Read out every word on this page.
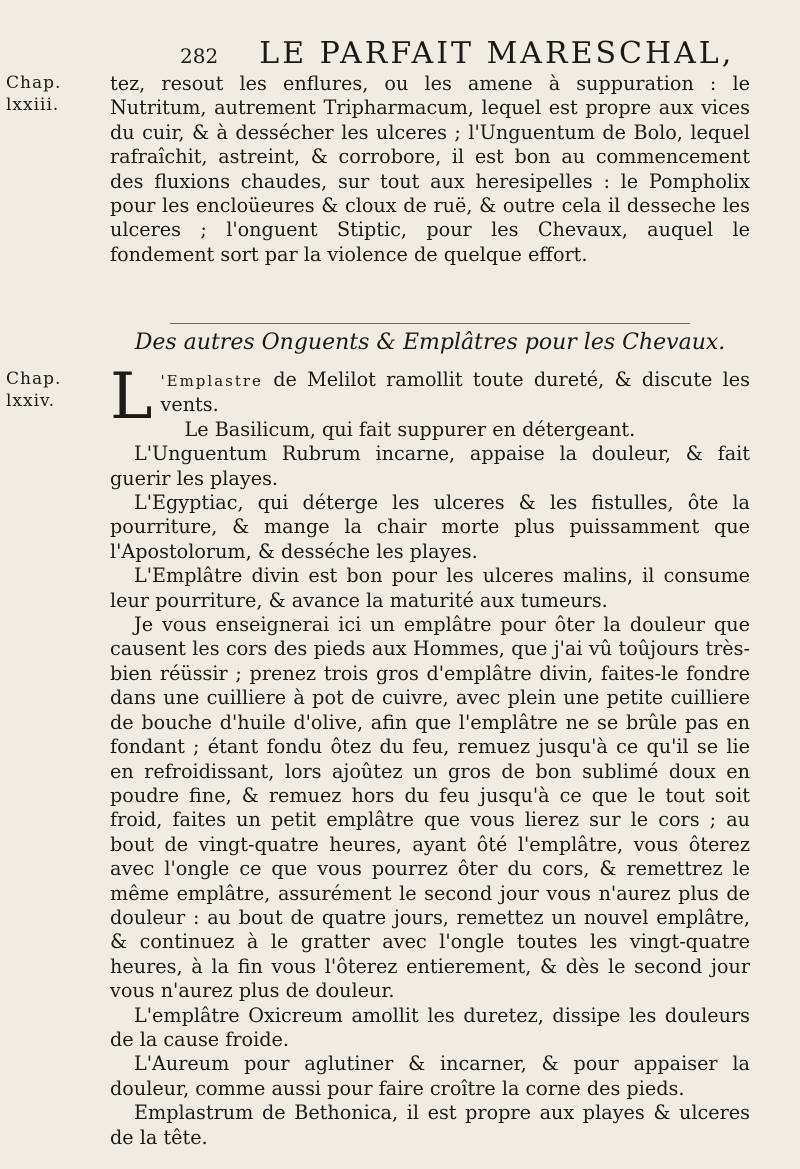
282 LE PARFAIT MARESCHAL,
Chap.
lxxiii.

tez, resout les enflures, ou les amene à suppuration : le Nutritum, autrement Tripharmacum, lequel est propre aux vices du cuir, & à dessécher les ulceres ; l'Unguentum de Bolo, lequel rafraîchit, astreint, & corrobore, il est bon au commencement des fluxions chaudes, sur tout aux heresipelles : le Pompholix pour les encloüeures & cloux de ruë, & outre cela il desseche les ulceres ; l'onguent Stiptic, pour les Chevaux, auquel le fondement sort par la violence de quelque effort.

Des autres Onguents & Emplâtres pour les Chevaux.
Chap.
lxxiv. L 'Emplastre de Melilot ramollit toute dureté, & discute les vents.

Le Basilicum, qui fait suppurer en détergeant.

L'Unguentum Rubrum incarne, appaise la douleur, & fait guerir les playes.

L'Egyptiac, qui déterge les ulceres & les fistulles, ôte la pourriture, & mange la chair morte plus puissamment que l'Apostolorum, & desséche les playes.

L'Emplâtre divin est bon pour les ulceres malins, il consume leur pourriture, & avance la maturité aux tumeurs.

Je vous enseignerai ici un emplâtre pour ôter la douleur que causent les cors des pieds aux Hommes, que j'ai vû toûjours très-bien réüssir ; prenez trois gros d'emplâtre divin, faites-le fondre dans une cuilliere à pot de cuivre, avec plein une petite cuilliere de bouche d'huile d'olive, afin que l'emplâtre ne se brûle pas en fondant ; étant fondu ôtez du feu, remuez jusqu'à ce qu'il se lie en refroidissant, lors ajoûtez un gros de bon sublimé doux en poudre fine, & remuez hors du feu jusqu'à ce que le tout soit froid, faites un petit emplâtre que vous lierez sur le cors ; au bout de vingt-quatre heures, ayant ôté l'emplâtre, vous ôterez avec l'ongle ce que vous pourrez ôter du cors, & remettrez le même emplâtre, assurément le second jour vous n'aurez plus de douleur : au bout de quatre jours, remettez un nouvel emplâtre, & continuez à le gratter avec l'ongle toutes les vingt-quatre heures, à la fin vous l'ôterez entierement, & dès le second jour vous n'aurez plus de douleur.

L'emplâtre Oxicreum amollit les duretez, dissipe les douleurs de la cause froide.

L'Aureum pour aglutiner & incarner, & pour appaiser la douleur, comme aussi pour faire croître la corne des pieds.

Emplastrum de Bethonica, il est propre aux playes & ulceres de la tête.
